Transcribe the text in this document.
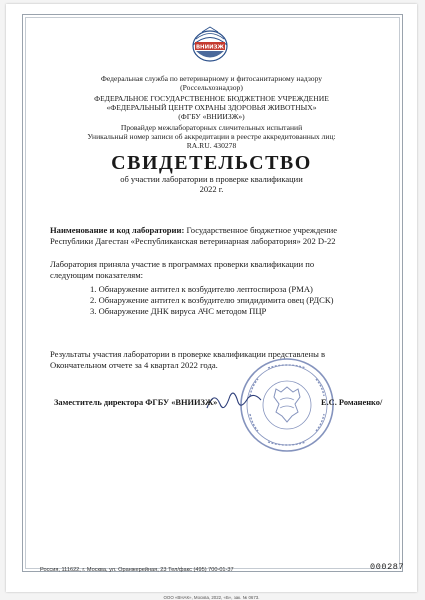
ВНИИЗЖ
Федеральная служба по ветеринарному и фитосанитарному надзору
(Россельхознадзор)
ФЕДЕРАЛЬНОЕ ГОСУДАРСТВЕННОЕ БЮДЖЕТНОЕ УЧРЕЖДЕНИЕ
«ФЕДЕРАЛЬНЫЙ ЦЕНТР ОХРАНЫ ЗДОРОВЬЯ ЖИВОТНЫХ»
(ФГБУ «ВНИИЗЖ»)
Провайдер межлабораторных сличительных испытаний
Уникальный номер записи об аккредитации в реестре аккредитованных лиц:
RA.RU. 430278
СВИДЕТЕЛЬСТВО
об участии лаборатории в проверке квалификации
2022 г.
Наименование и код лаборатории: Государственное бюджетное учреждение
Республики Дагестан «Республиканская ветеринарная лаборатория» 202 D-22
Лаборатория приняла участие в программах проверки квалификации по
следующим показателям:
1. Обнаружение антител к возбудителю лептоспироза (РМА)
2. Обнаружение антител к возбудителю эпидидимита овец (РДСК)
3. Обнаружение ДНК вируса АЧС методом ПЦР
Результаты участия лаборатории в проверке квалификации представлены в
Окончательном отчете за 4 квартал 2022 года.
Заместитель директора ФГБУ «ВНИИЗЖ»	Е.С. Романенко/
Россия, 111622, г. Москва, ул. Оранжерейная, 23 Тел/факс (495) 700-01-37	000287
ООО «ВНАК», Москва, 2022, «Б», зак. № 0673.
